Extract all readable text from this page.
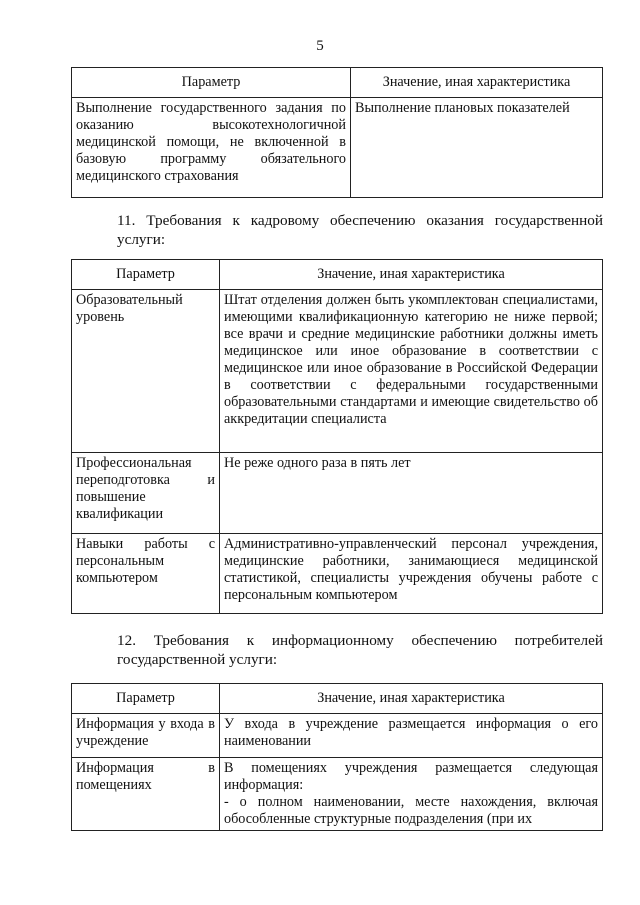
5
Параметр	Значение, иная характеристика
Выполнение государственного задания по оказанию высокотехнологичной медицинской помощи, не включенной в базовую программу обязательного медицинского страхования	Выполнение плановых показателей
11. Требования к кадровому обеспечению оказания государственной услуги:
Параметр	Значение, иная характеристика
Образовательный уровень	Штат отделения должен быть укомплектован специалистами, имеющими квалификационную категорию не ниже первой; все врачи и средние медицинские работники должны иметь медицинское или иное образование в соответствии с медицинское или иное образование в Российской Федерации в соответствии с федеральными государственными образовательными стандартами и имеющие свидетельство об аккредитации специалиста
Профессиональная переподготовка и повышение квалификации	Не реже одного раза в пять лет
Навыки работы с персональным компьютером	Административно-управленческий персонал учреждения, медицинские работники, занимающиеся медицинской статистикой, специалисты учреждения обучены работе с персональным компьютером
12. Требования к информационному обеспечению потребителей государственной услуги:
Параметр	Значение, иная характеристика
Информация у входа в учреждение	У входа в учреждение размещается информация о его наименовании
Информация в помещениях	В помещениях учреждения размещается следующая информация:
- о полном наименовании, месте нахождения, включая обособленные структурные подразделения (при их
